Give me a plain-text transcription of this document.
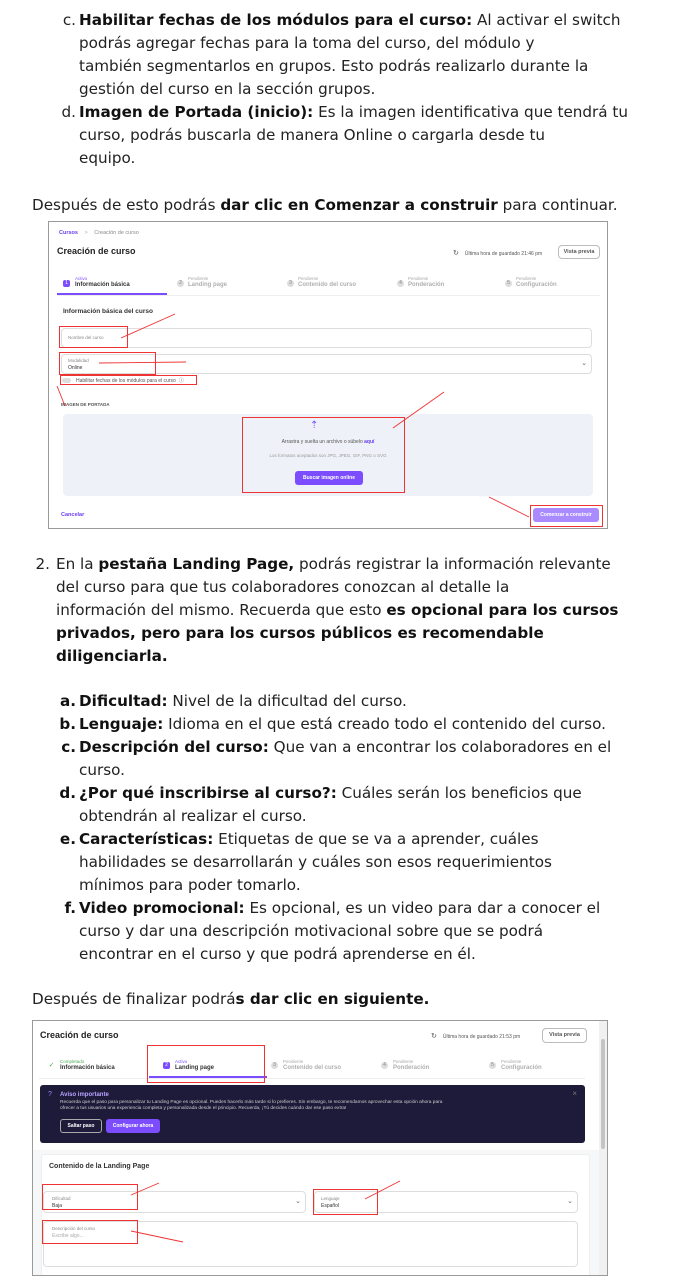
c. Habilitar fechas de los módulos para el curso: Al activar el switch
podrás agregar fechas para la toma del curso, del módulo y
también segmentarlos en grupos. Esto podrás realizarlo durante la
gestión del curso en la sección grupos.
d. Imagen de Portada (inicio): Es la imagen identificativa que tendrá tu
curso, podrás buscarla de manera Online o cargarla desde tu
equipo.
Después de esto podrás dar clic en Comenzar a construir para continuar.
Cursos > Creación de curso
Creación de curso	↻ Última hora de guardado 21:46 pm	Vista previa
1
Activo
Información básica	2
Pendiente
Landing page	3
Pendiente
Contenido del curso	4
Pendiente
Ponderación	5
Pendiente
Configuración
Información básica del curso
Nombre del curso
Modalidad
Online
⌄
Habilitar fechas de los módulos para el curso ⓘ
IMAGEN DE PORTADA
⇡
Arrastra y suelta un archivo o súbelo aquí
Los formatos aceptados son JPG, JPEG, GIF, PNG o SVG
Buscar imagen online
Cancelar	Comenzar a construir
2. En la pestaña Landing Page, podrás registrar la información relevante
del curso para que tus colaboradores conozcan al detalle la
información del mismo. Recuerda que esto es opcional para los cursos
privados, pero para los cursos públicos es recomendable
diligenciarla.
a. Dificultad: Nivel de la dificultad del curso.
b. Lenguaje: Idioma en el que está creado todo el contenido del curso.
c. Descripción del curso: Que van a encontrar los colaboradores en el
curso.
d. ¿Por qué inscribirse al curso?: Cuáles serán los beneficios que
obtendrán al realizar el curso.
e. Características: Etiquetas de que se va a aprender, cuáles
habilidades se desarrollarán y cuáles son esos requerimientos
mínimos para poder tomarlo.
f. Video promocional: Es opcional, es un video para dar a conocer el
curso y dar una descripción motivacional sobre que se podrá
encontrar en el curso y que podrá aprenderse en él.
Después de finalizar podrás dar clic en siguiente.
Creación de curso	↻ Última hora de guardado 21:53 pm	Vista previa
✓
Completado
Información básica	2
Activo
Landing page	3
Pendiente
Contenido del curso	4
Pendiente
Ponderación	5
Pendiente
Configuración
? Aviso importante	×
Recuerda que el paso para personalizar tu Landing Page es opcional. Puedes hacerlo más tarde si lo prefieres. Sin embargo, te recomendamos aprovechar esta opción ahora para
ofrecer a tus usuarios una experiencia completa y personalizada desde el principio. Recuerda, ¡Tú decides cuándo dar ese paso extra!
Saltar paso	Configurar ahora
Contenido de la Landing Page
Dificultad
Baja
⌄	Lenguaje
Español
⌄
Descripción del curso
Escribe algo...
